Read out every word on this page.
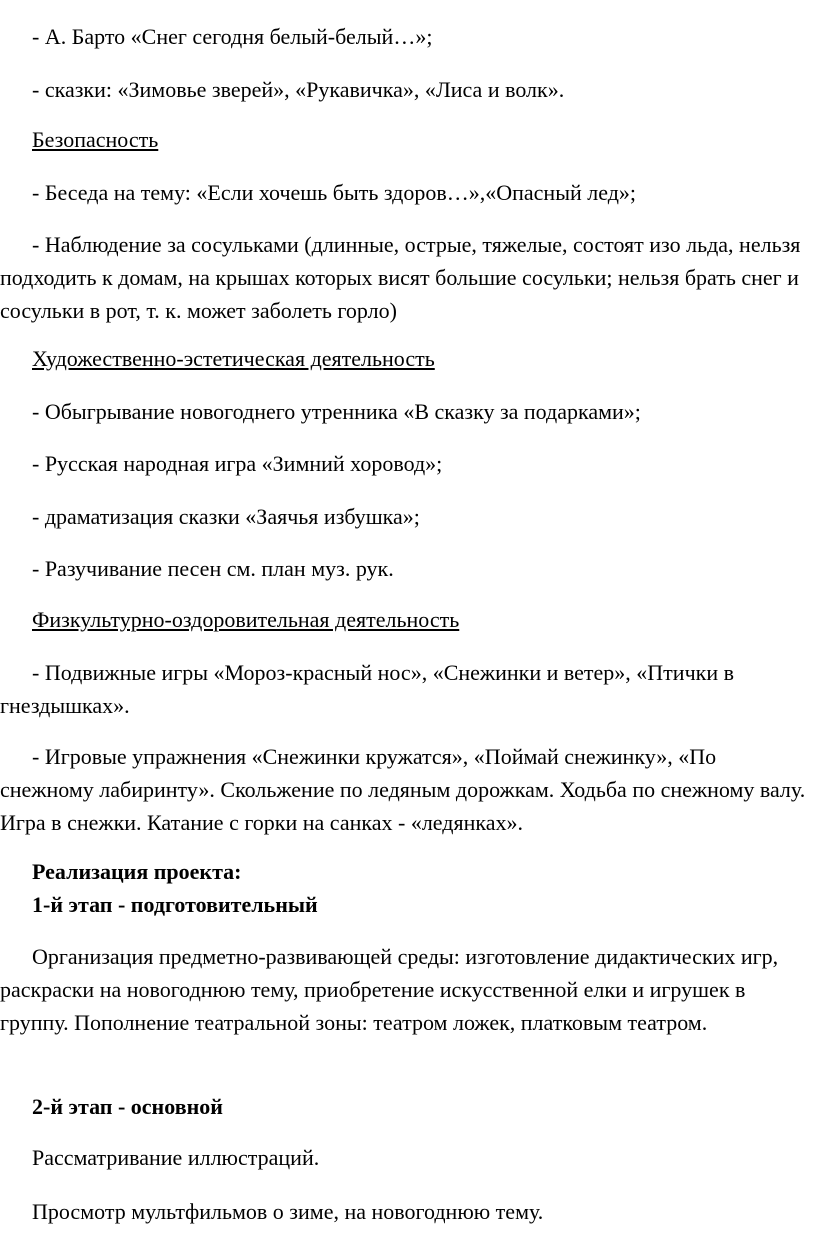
- А. Барто «Снег сегодня белый-белый…»;

- сказки: «Зимовье зверей», «Рукавичка», «Лиса и волк».

Безопасность

- Беседа на тему: «Если хочешь быть здоров…»,«Опасный лед»;

- Наблюдение за сосульками (длинные, острые, тяжелые, состоят изо льда, нельзя подходить к домам, на крышах которых висят большие сосульки; нельзя брать снег и сосульки в рот, т. к. может заболеть горло)

Художественно-эстетическая деятельность

- Обыгрывание новогоднего утренника «В сказку за подарками»;

- Русская народная игра «Зимний хоровод»;

- драматизация сказки «Заячья избушка»;

- Разучивание песен см. план муз. рук.

Физкультурно-оздоровительная деятельность

- Подвижные игры «Мороз-красный нос», «Снежинки и ветер», «Птички в гнездышках».

- Игровые упражнения «Снежинки кружатся», «Поймай снежинку», «По снежному лабиринту». Скольжение по ледяным дорожкам. Ходьба по снежному валу. Игра в снежки. Катание с горки на санках - «ледянках».

Реализация проекта:

1-й этап - подготовительный

Организация предметно-развивающей среды: изготовление дидактических игр, раскраски на новогоднюю тему, приобретение искусственной елки и игрушек в группу. Пополнение театральной зоны: театром ложек, платковым театром.

2-й этап - основной

Рассматривание иллюстраций.

Просмотр мультфильмов о зиме, на новогоднюю тему.
